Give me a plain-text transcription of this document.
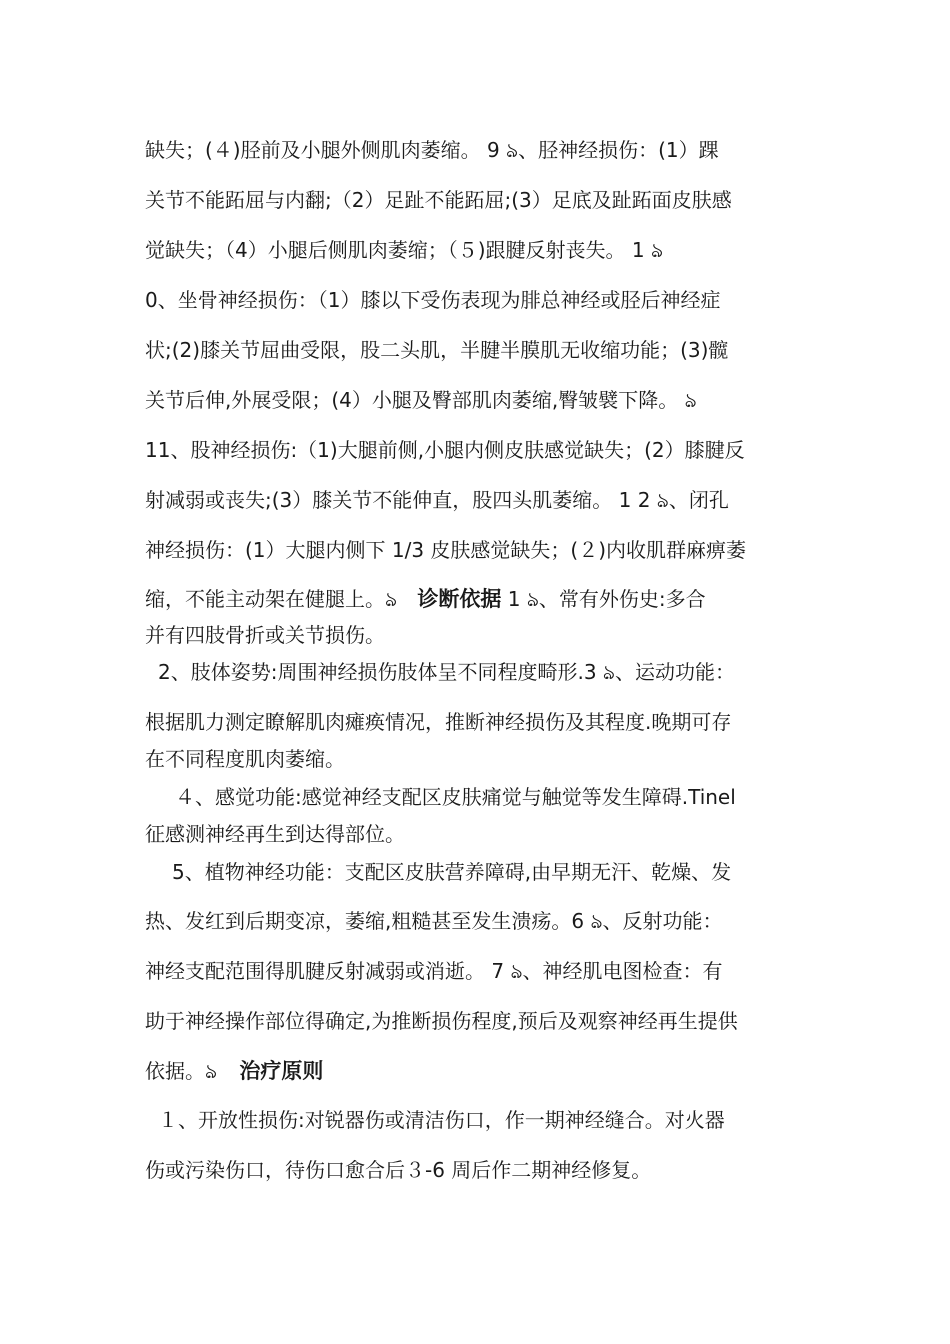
缺失；(４)胫前及小腿外侧肌肉萎缩。 9 ঌ、胫神经损伤：(1）踝
关节不能跖屈与内翻;（2）足趾不能跖屈;(3）足底及趾跖面皮肤感
觉缺失；（4）小腿后侧肌肉萎缩；（５)跟腱反射丧失。 1 ঌ
0、坐骨神经损伤：（1）膝以下受伤表现为腓总神经或胫后神经症
状;(2)膝关节屈曲受限，股二头肌，半腱半膜肌无收缩功能；(3)髋
关节后伸,外展受限；(4）小腿及臀部肌肉萎缩,臀皱襞下降。 ঌ
11、股神经损伤:（1)大腿前侧,小腿内侧皮肤感觉缺失；(2）膝腱反
射减弱或丧失;(3）膝关节不能伸直，股四头肌萎缩。 1 2 ঌ、闭孔
神经损伤：(1）大腿内侧下 1/3 皮肤感觉缺失；(２)内收肌群麻痹萎
缩，不能主动架在健腿上。ঌ 诊断依据 1 ঌ、常有外伤史:多合
并有四肢骨折或关节损伤。
2、肢体姿势:周围神经损伤肢体呈不同程度畸形.3 ঌ、运动功能：
根据肌力测定瞭解肌肉瘫痪情况，推断神经损伤及其程度.晚期可存
在不同程度肌肉萎缩。
４、感觉功能:感觉神经支配区皮肤痛觉与触觉等发生障碍.Tinel
征感测神经再生到达得部位。
5、植物神经功能：支配区皮肤营养障碍,由早期无汗、乾燥、发
热、发红到后期变凉，萎缩,粗糙甚至发生溃疡。6 ঌ、反射功能：
神经支配范围得肌腱反射减弱或消逝。 7 ঌ、神经肌电图检查：有
助于神经操作部位得确定,为推断损伤程度,预后及观察神经再生提供
依据。ঌ 治疗原则
１、开放性损伤:对锐器伤或清洁伤口，作一期神经缝合。对火器
伤或污染伤口，待伤口愈合后３-6 周后作二期神经修复。
